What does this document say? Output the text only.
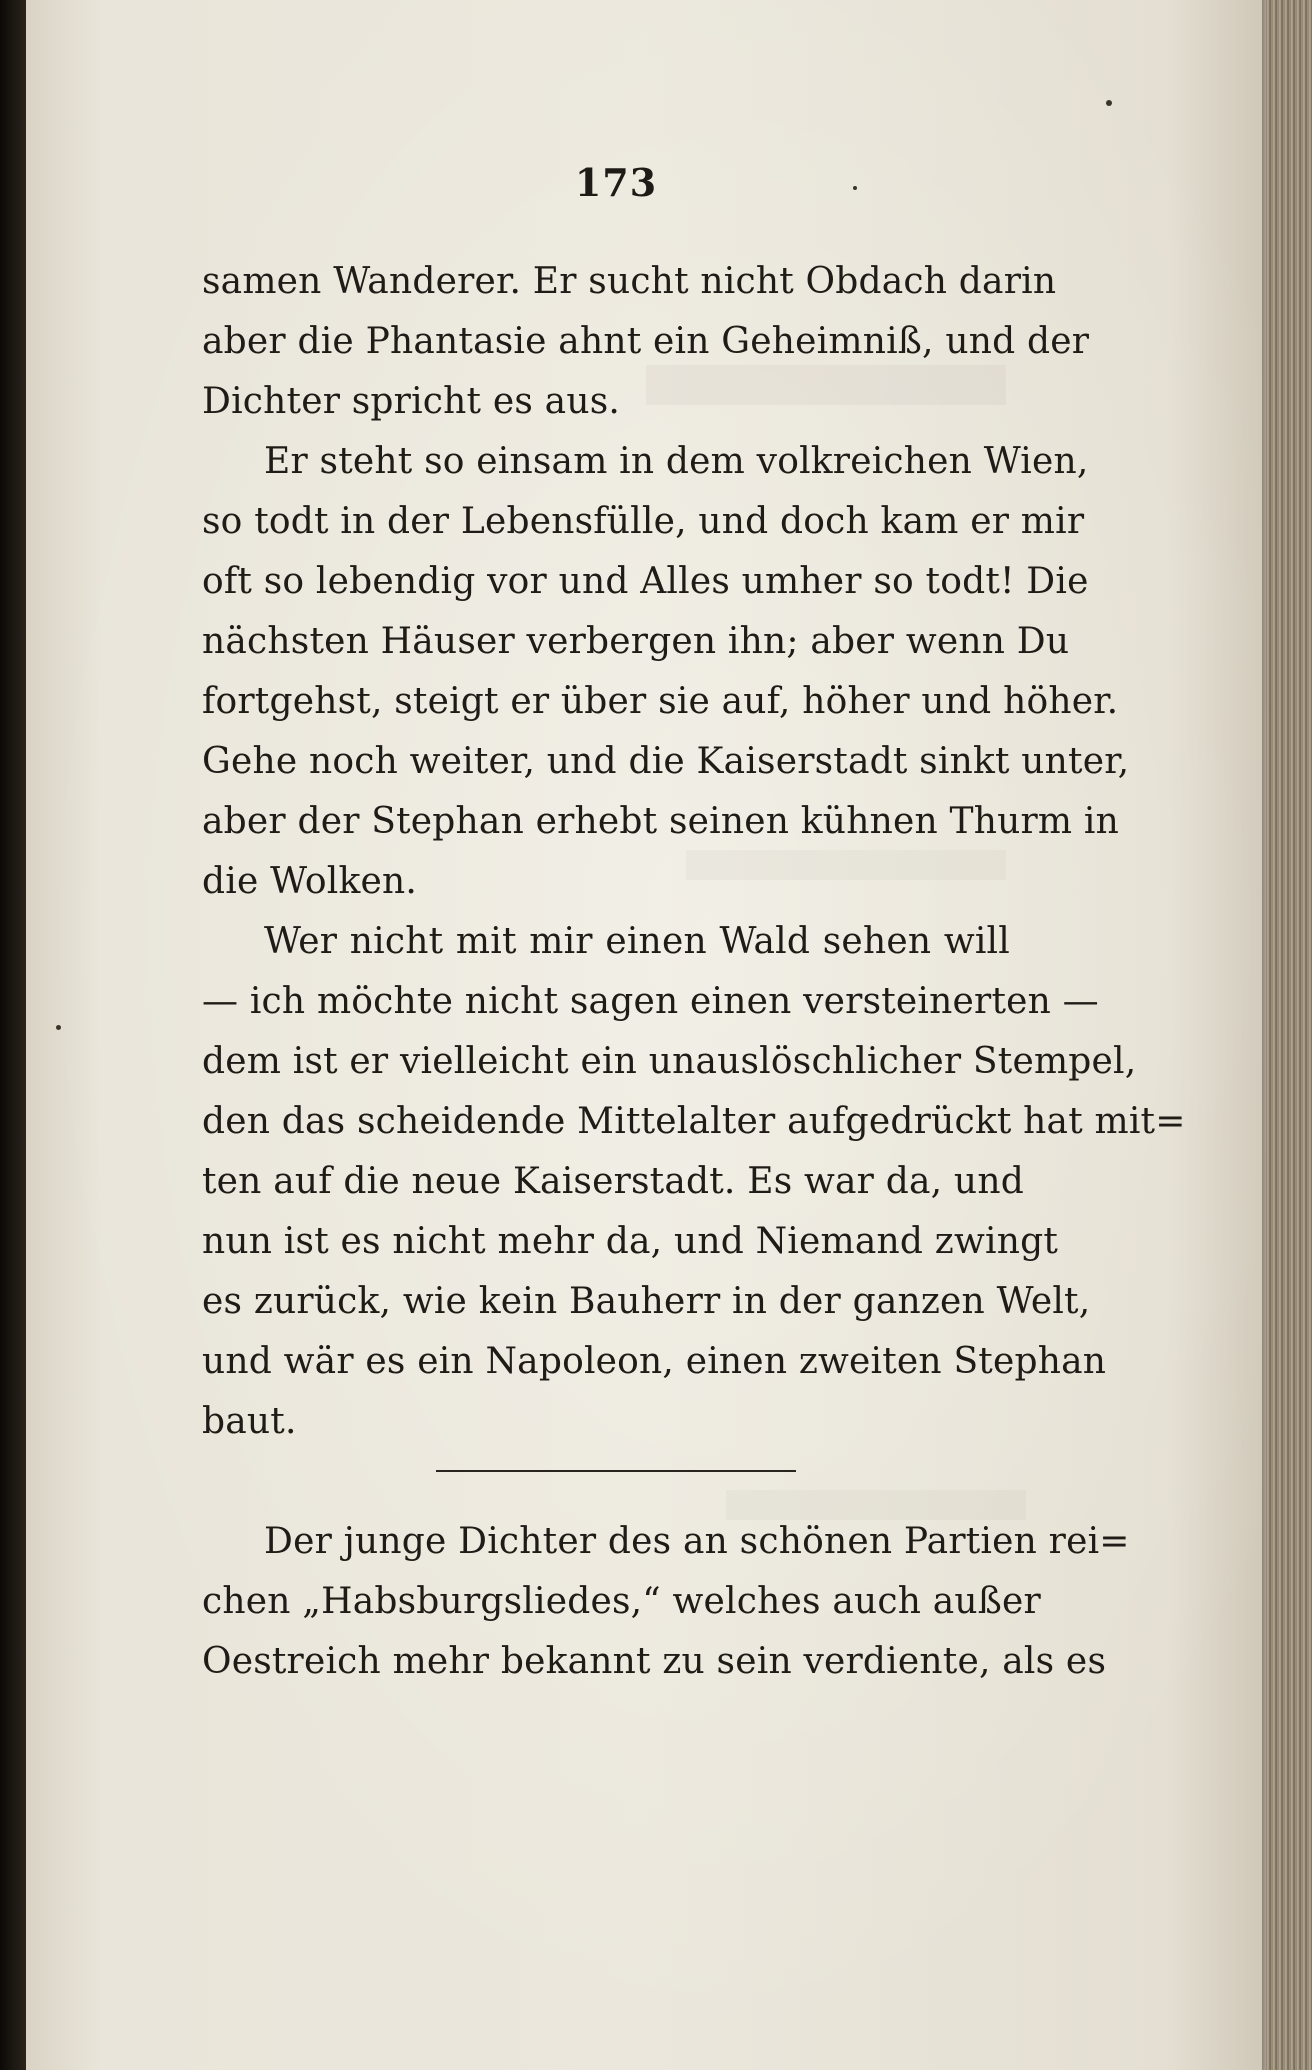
173
samen Wanderer. Er sucht nicht Obdach darin
aber die Phantasie ahnt ein Geheimniß, und der
Dichter spricht es aus.
Er steht so einsam in dem volkreichen Wien,
so todt in der Lebensfülle, und doch kam er mir
oft so lebendig vor und Alles umher so todt! Die
nächsten Häuser verbergen ihn; aber wenn Du
fortgehst, steigt er über sie auf, höher und höher.
Gehe noch weiter, und die Kaiserstadt sinkt unter,
aber der Stephan erhebt seinen kühnen Thurm in
die Wolken.
Wer nicht mit mir einen Wald sehen will
— ich möchte nicht sagen einen versteinerten —
dem ist er vielleicht ein unauslöschlicher Stempel,
den das scheidende Mittelalter aufgedrückt hat mit=
ten auf die neue Kaiserstadt. Es war da, und
nun ist es nicht mehr da, und Niemand zwingt
es zurück, wie kein Bauherr in der ganzen Welt,
und wär es ein Napoleon, einen zweiten Stephan
baut.
Der junge Dichter des an schönen Partien rei=
chen „Habsburgsliedes,“ welches auch außer
Oestreich mehr bekannt zu sein verdiente, als es
